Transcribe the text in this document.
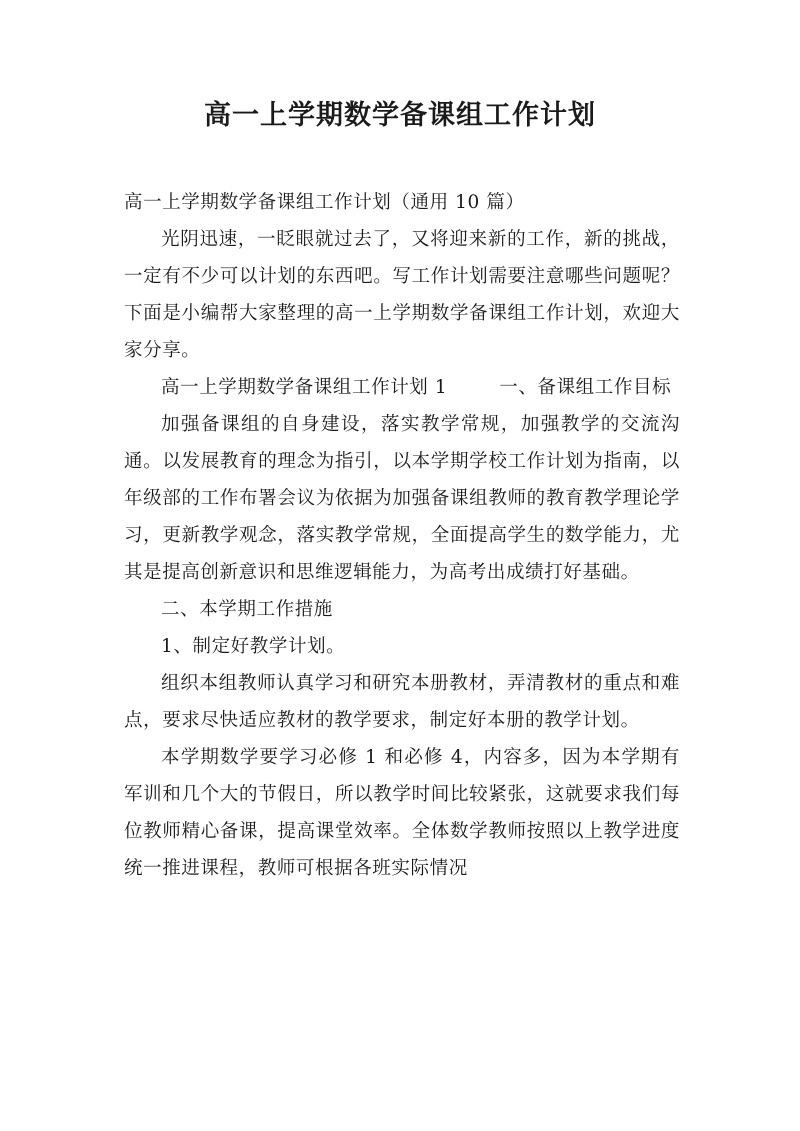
高一上学期数学备课组工作计划

高一上学期数学备课组工作计划（通用 10 篇）

光阴迅速，一眨眼就过去了，又将迎来新的工作，新的挑战，一定有不少可以计划的东西吧。写工作计划需要注意哪些问题呢？下面是小编帮大家整理的高一上学期数学备课组工作计划，欢迎大家分享。

高一上学期数学备课组工作计划 1	一、备课组工作目标

加强备课组的自身建设，落实教学常规，加强教学的交流沟通。以发展教育的理念为指引，以本学期学校工作计划为指南，以年级部的工作布署会议为依据为加强备课组教师的教育教学理论学习，更新教学观念，落实教学常规，全面提高学生的数学能力，尤其是提高创新意识和思维逻辑能力，为高考出成绩打好基础。

二、本学期工作措施

1、制定好教学计划。

组织本组教师认真学习和研究本册教材，弄清教材的重点和难点，要求尽快适应教材的教学要求，制定好本册的教学计划。

本学期数学要学习必修 1 和必修 4，内容多，因为本学期有军训和几个大的节假日，所以教学时间比较紧张，这就要求我们每位教师精心备课，提高课堂效率。全体数学教师按照以上教学进度统一推进课程，教师可根据各班实际情况
